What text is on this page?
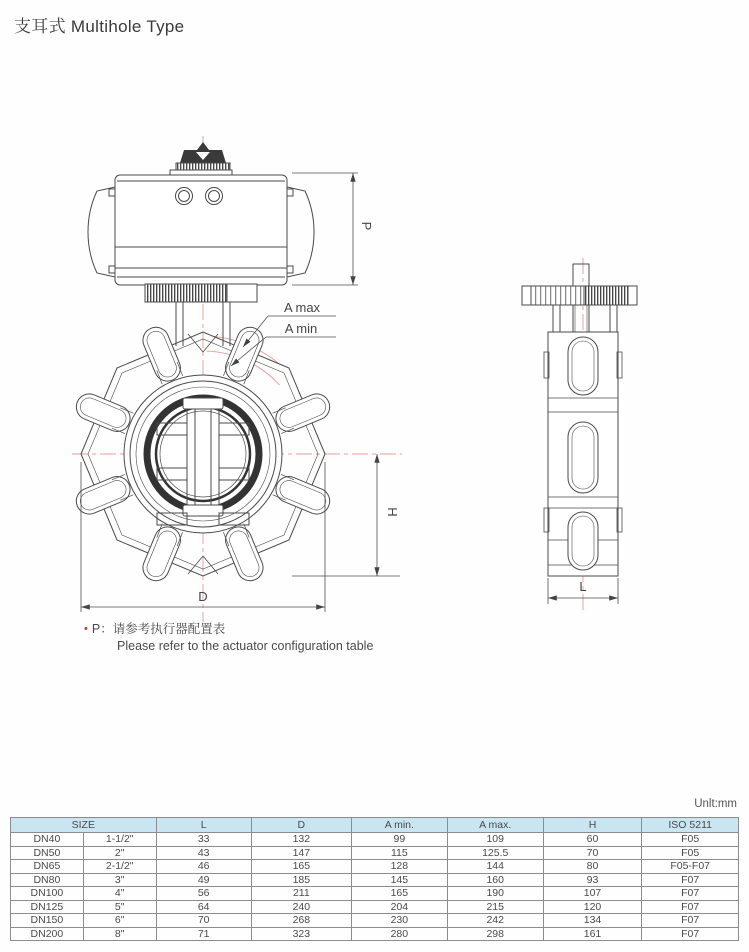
支耳式 Multihole Type
P
A max
A min
H
D
L
• P：请参考执行器配置表
Please refer to the actuator configuration table
Unlt:mm
SIZE		L	D	A min.	A max.	H	ISO 5211
DN40	1-1/2"	33	132	99	109	60	F05
DN50	2"	43	147	115	125.5	70	F05
DN65	2-1/2"	46	165	128	144	80	F05-F07
DN80	3"	49	185	145	160	93	F07
DN100	4"	56	211	165	190	107	F07
DN125	5"	64	240	204	215	120	F07
DN150	6"	70	268	230	242	134	F07
DN200	8"	71	323	280	298	161	F07
